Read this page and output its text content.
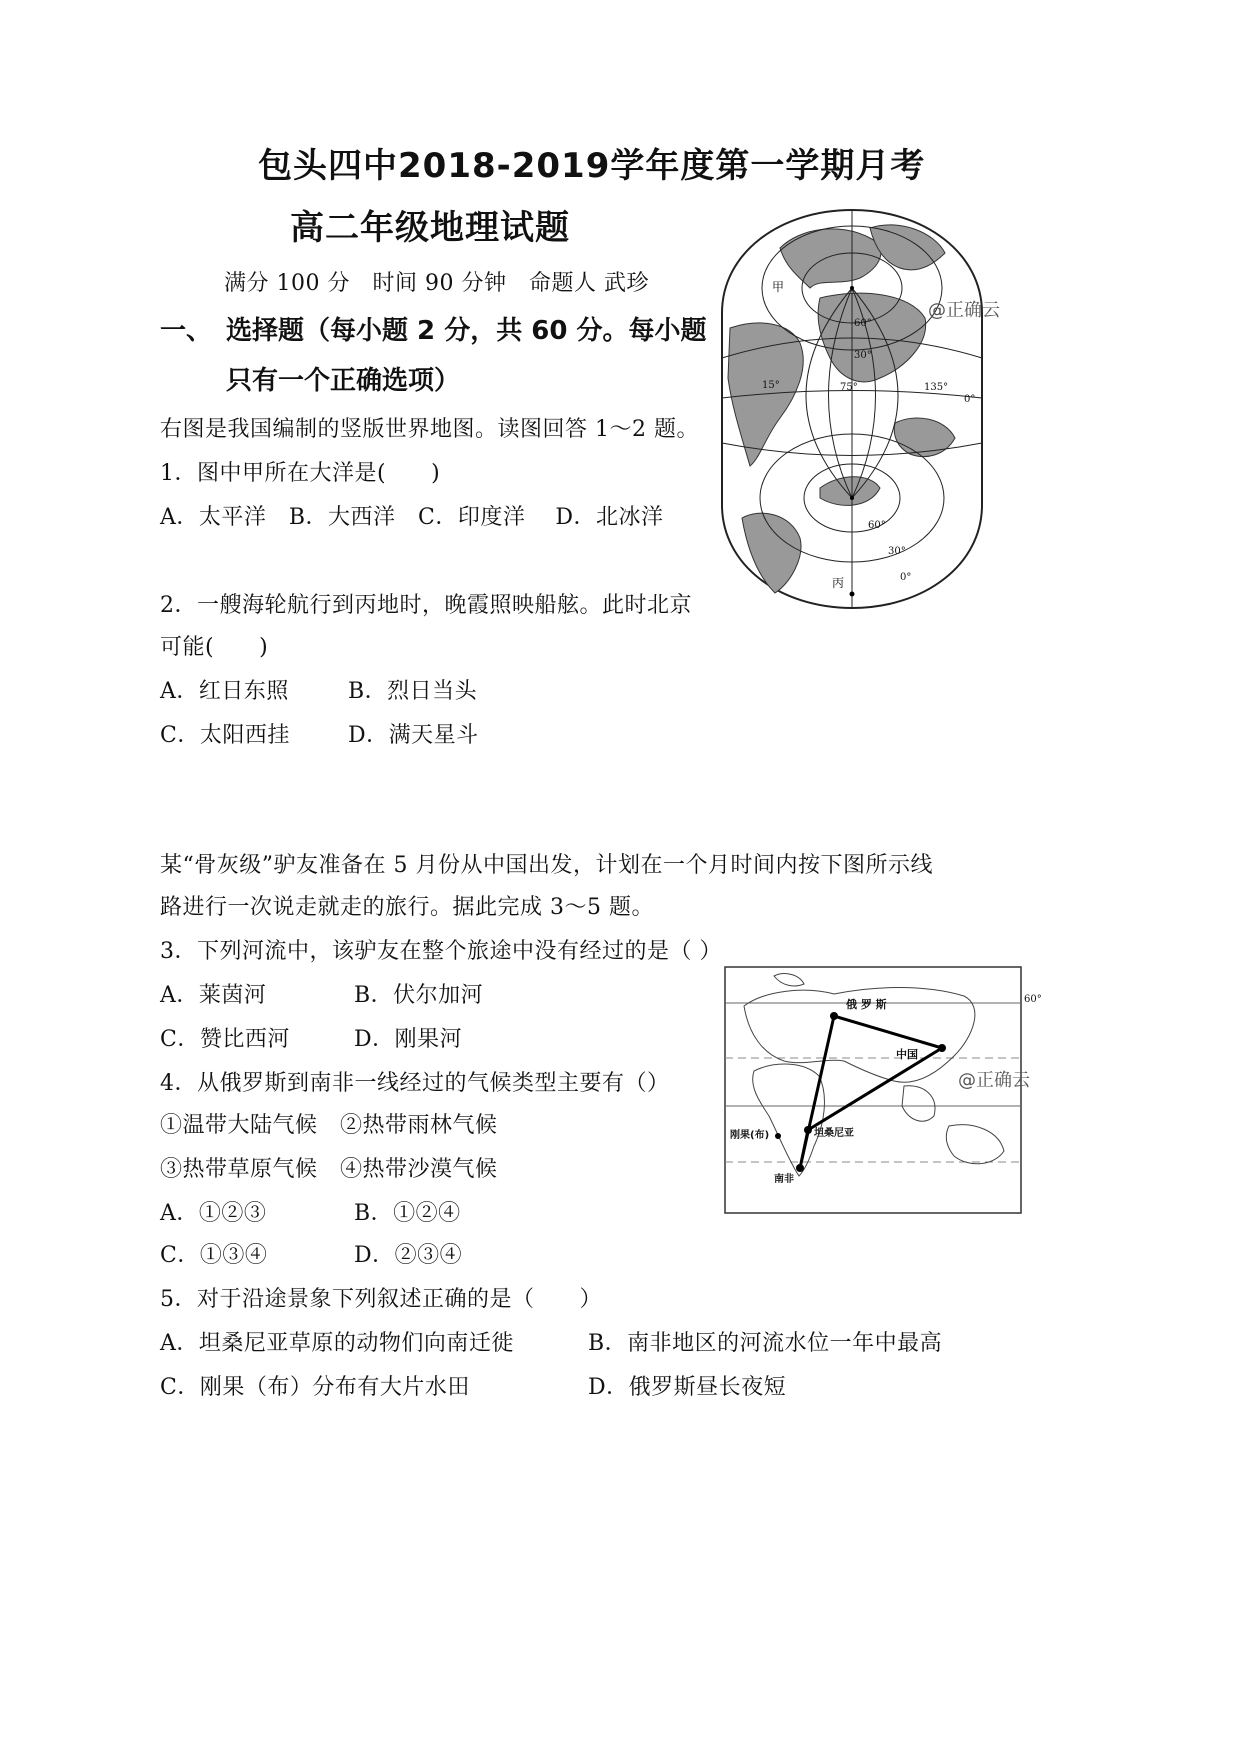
包头四中2018-2019学年度第一学期月考
高二年级地理试题
满分 100 分　时间 90 分钟　命题人 武珍
一、 选择题（每小题 2 分，共 60 分。每小题
只有一个正确选项）
右图是我国编制的竖版世界地图。读图回答 1～2 题。
1．图中甲所在大洋是(　　)
A．太平洋　B．大西洋　C．印度洋　 D．北冰洋
2．一艘海轮航行到丙地时，晚霞照映船舷。此时北京
可能(　　)
A．红日东照	B．烈日当头
C．太阳西挂	D．满天星斗
甲
丙
60°
30°
15°	75°	135°
0°
60°
30°
0°
@正确云
某“骨灰级”驴友准备在 5 月份从中国出发，计划在一个月时间内按下图所示线
路进行一次说走就走的旅行。据此完成 3～5 题。
3．下列河流中，该驴友在整个旅途中没有经过的是（ ）
A．莱茵河	B．伏尔加河
C．赞比西河	D．刚果河
4．从俄罗斯到南非一线经过的气候类型主要有（）
①温带大陆气候　②热带雨林气候
③热带草原气候　④热带沙漠气候
A．①②③	B．①②④
C．①③④	D．②③④
5．对于沿途景象下列叙述正确的是（　　）
A．坦桑尼亚草原的动物们向南迁徙	B．南非地区的河流水位一年中最高
C．刚果（布）分布有大片水田	D．俄罗斯昼长夜短
俄 罗 斯
中国
坦桑尼亚
刚果(布)
南非
60°
@正确云
